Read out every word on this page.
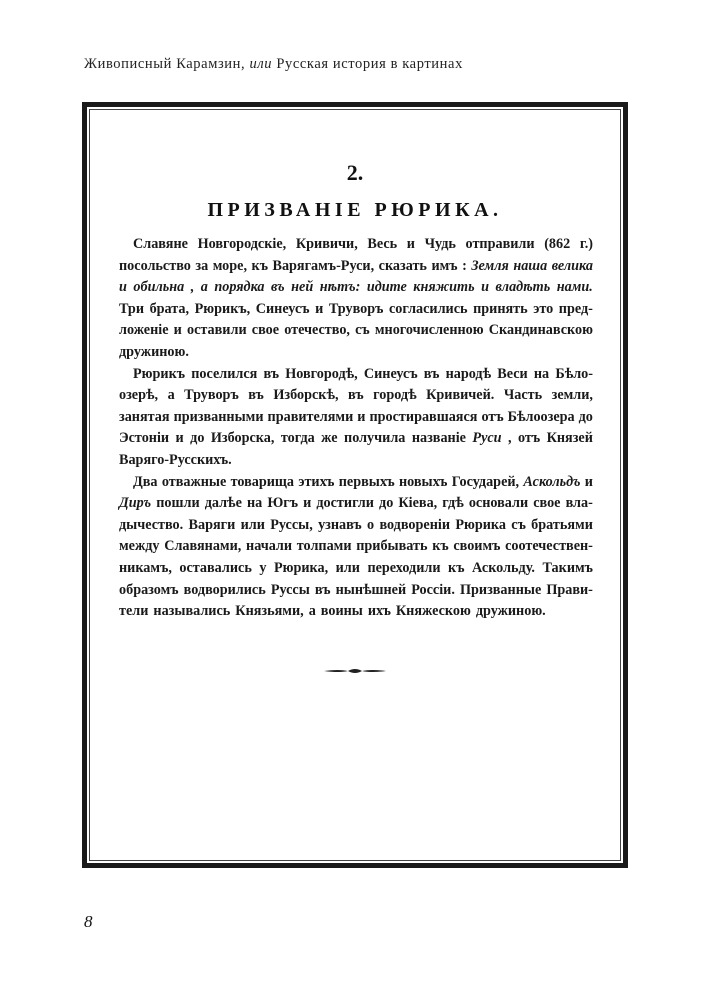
Живописный Карамзин, или Русская история в картинах
2.
ПРИЗВАНІЕ РЮРИКА.
Славяне Новгородскіе, Кривичи, Весь и Чудь отправили (862 г.)
посольство за море, къ Варягамъ-Руси, сказать имъ : Земля наша велика
и обильна , а порядка въ ней нѣтъ: идите княжить и владѣть нами.
Три брата, Рюрикъ, Синеусъ и Труворъ согласились принять это пред-
ложеніе и оставили свое отечество, съ многочисленною Скандинавскою
дружиною.
Рюрикъ поселился въ Новгородѣ, Синеусъ въ народѣ Веси на Бѣло-
озерѣ, а Труворъ въ Изборскѣ, въ городѣ Кривичей. Часть земли,
занятая призванными правителями и простиравшаяся отъ Бѣлоозера до
Эстоніи и до Изборска, тогда же получила названіе Руси , отъ Князей
Варяго-Русскихъ.
Два отважные товарища этихъ первыхъ новыхъ Государей, Аскольдъ и
Диръ пошли далѣе на Югъ и достигли до Кіева, гдѣ основали свое вла-
дычество. Варяги или Руссы, узнавъ о водвореніи Рюрика съ братьями
между Славянами, начали толпами прибывать къ своимъ соотечествен-
никамъ, оставались у Рюрика, или переходили къ Аскольду. Такимъ
образомъ водворились Руссы въ нынѣшней Россіи. Призванные Прави-
тели назывались Князьями, а воины ихъ Княжескою дружиною.
8
